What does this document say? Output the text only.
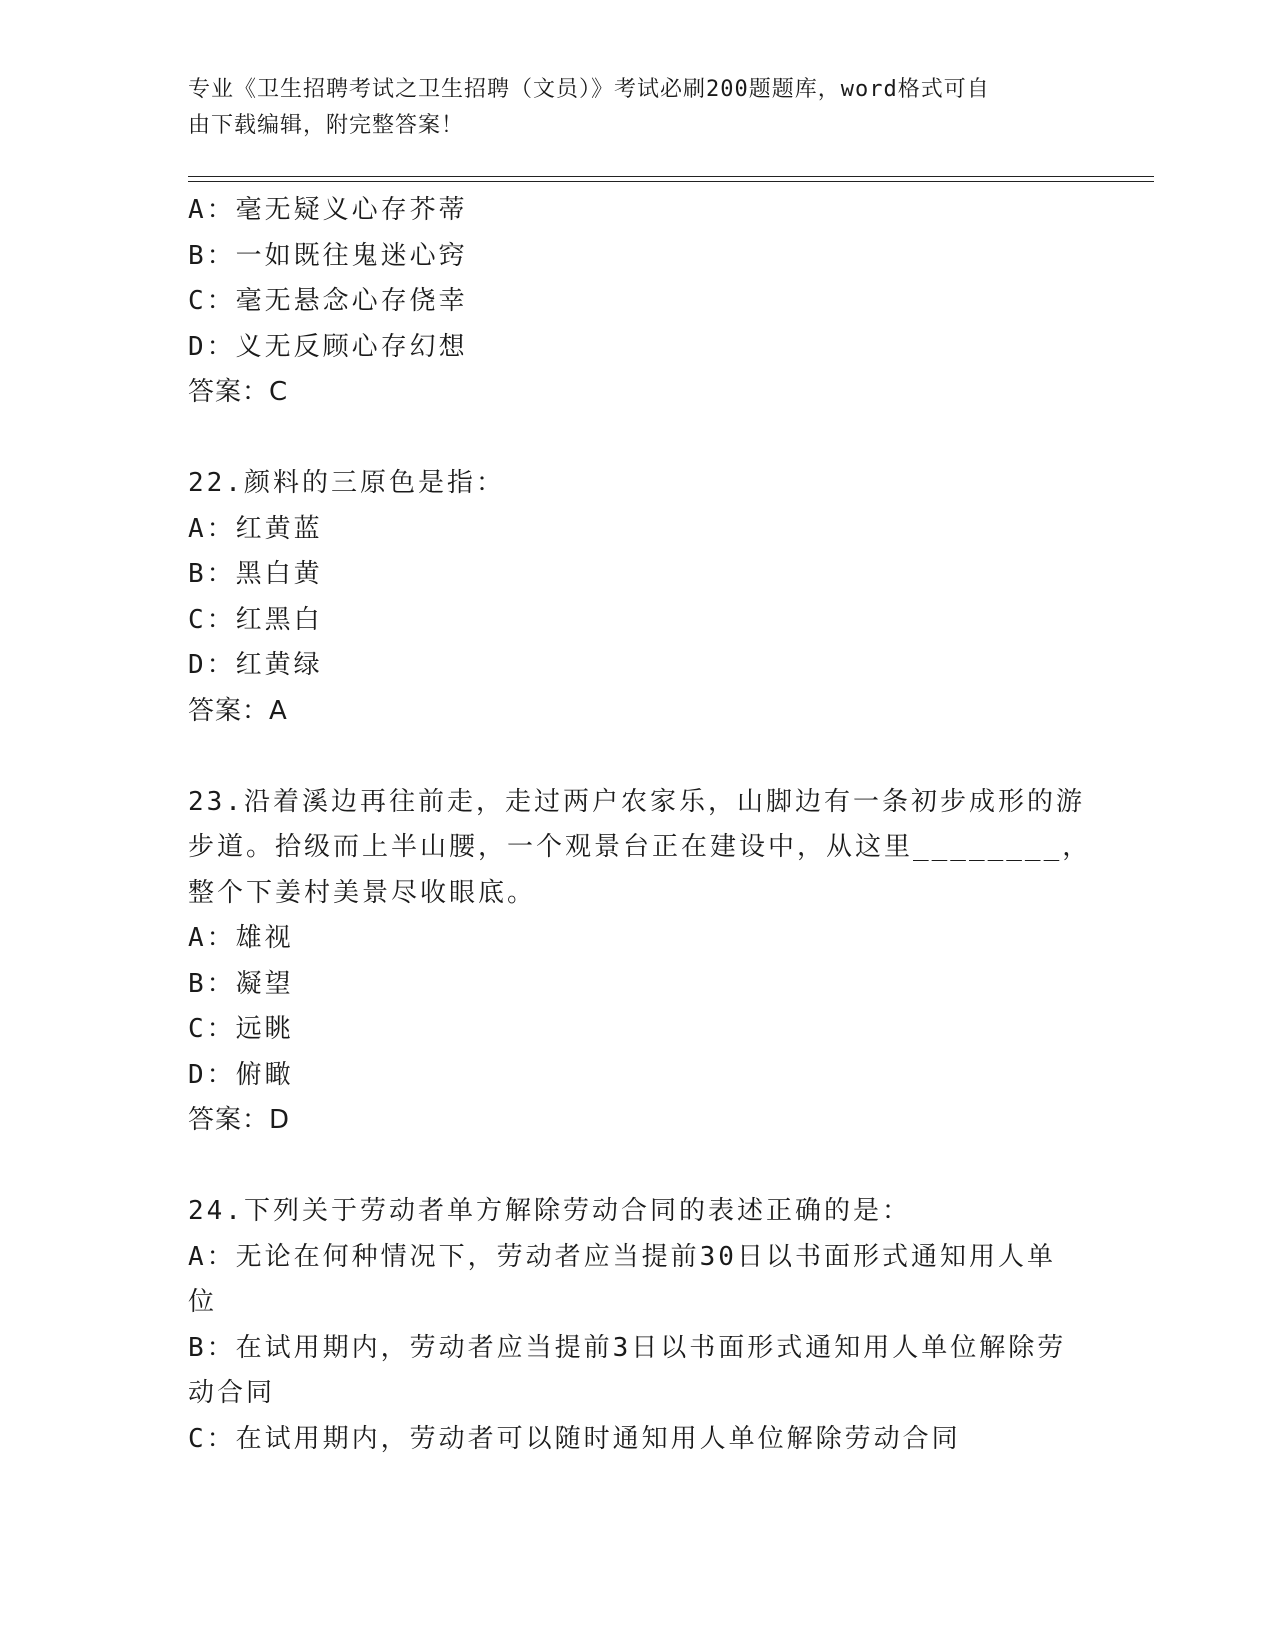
专业《卫生招聘考试之卫生招聘（文员）》考试必刷200题题库，word格式可自
由下载编辑，附完整答案！
A：毫无疑义心存芥蒂
B：一如既往鬼迷心窍
C：毫无悬念心存侥幸
D：义无反顾心存幻想
答案：C
22.颜料的三原色是指：
A：红黄蓝
B：黑白黄
C：红黑白
D：红黄绿
答案：A
23.沿着溪边再往前走，走过两户农家乐，山脚边有一条初步成形的游
步道。拾级而上半山腰，一个观景台正在建设中，从这里________，
整个下姜村美景尽收眼底。
A：雄视
B：凝望
C：远眺
D：俯瞰
答案：D
24.下列关于劳动者单方解除劳动合同的表述正确的是：
A：无论在何种情况下，劳动者应当提前30日以书面形式通知用人单
位
B：在试用期内，劳动者应当提前3日以书面形式通知用人单位解除劳
动合同
C：在试用期内，劳动者可以随时通知用人单位解除劳动合同
